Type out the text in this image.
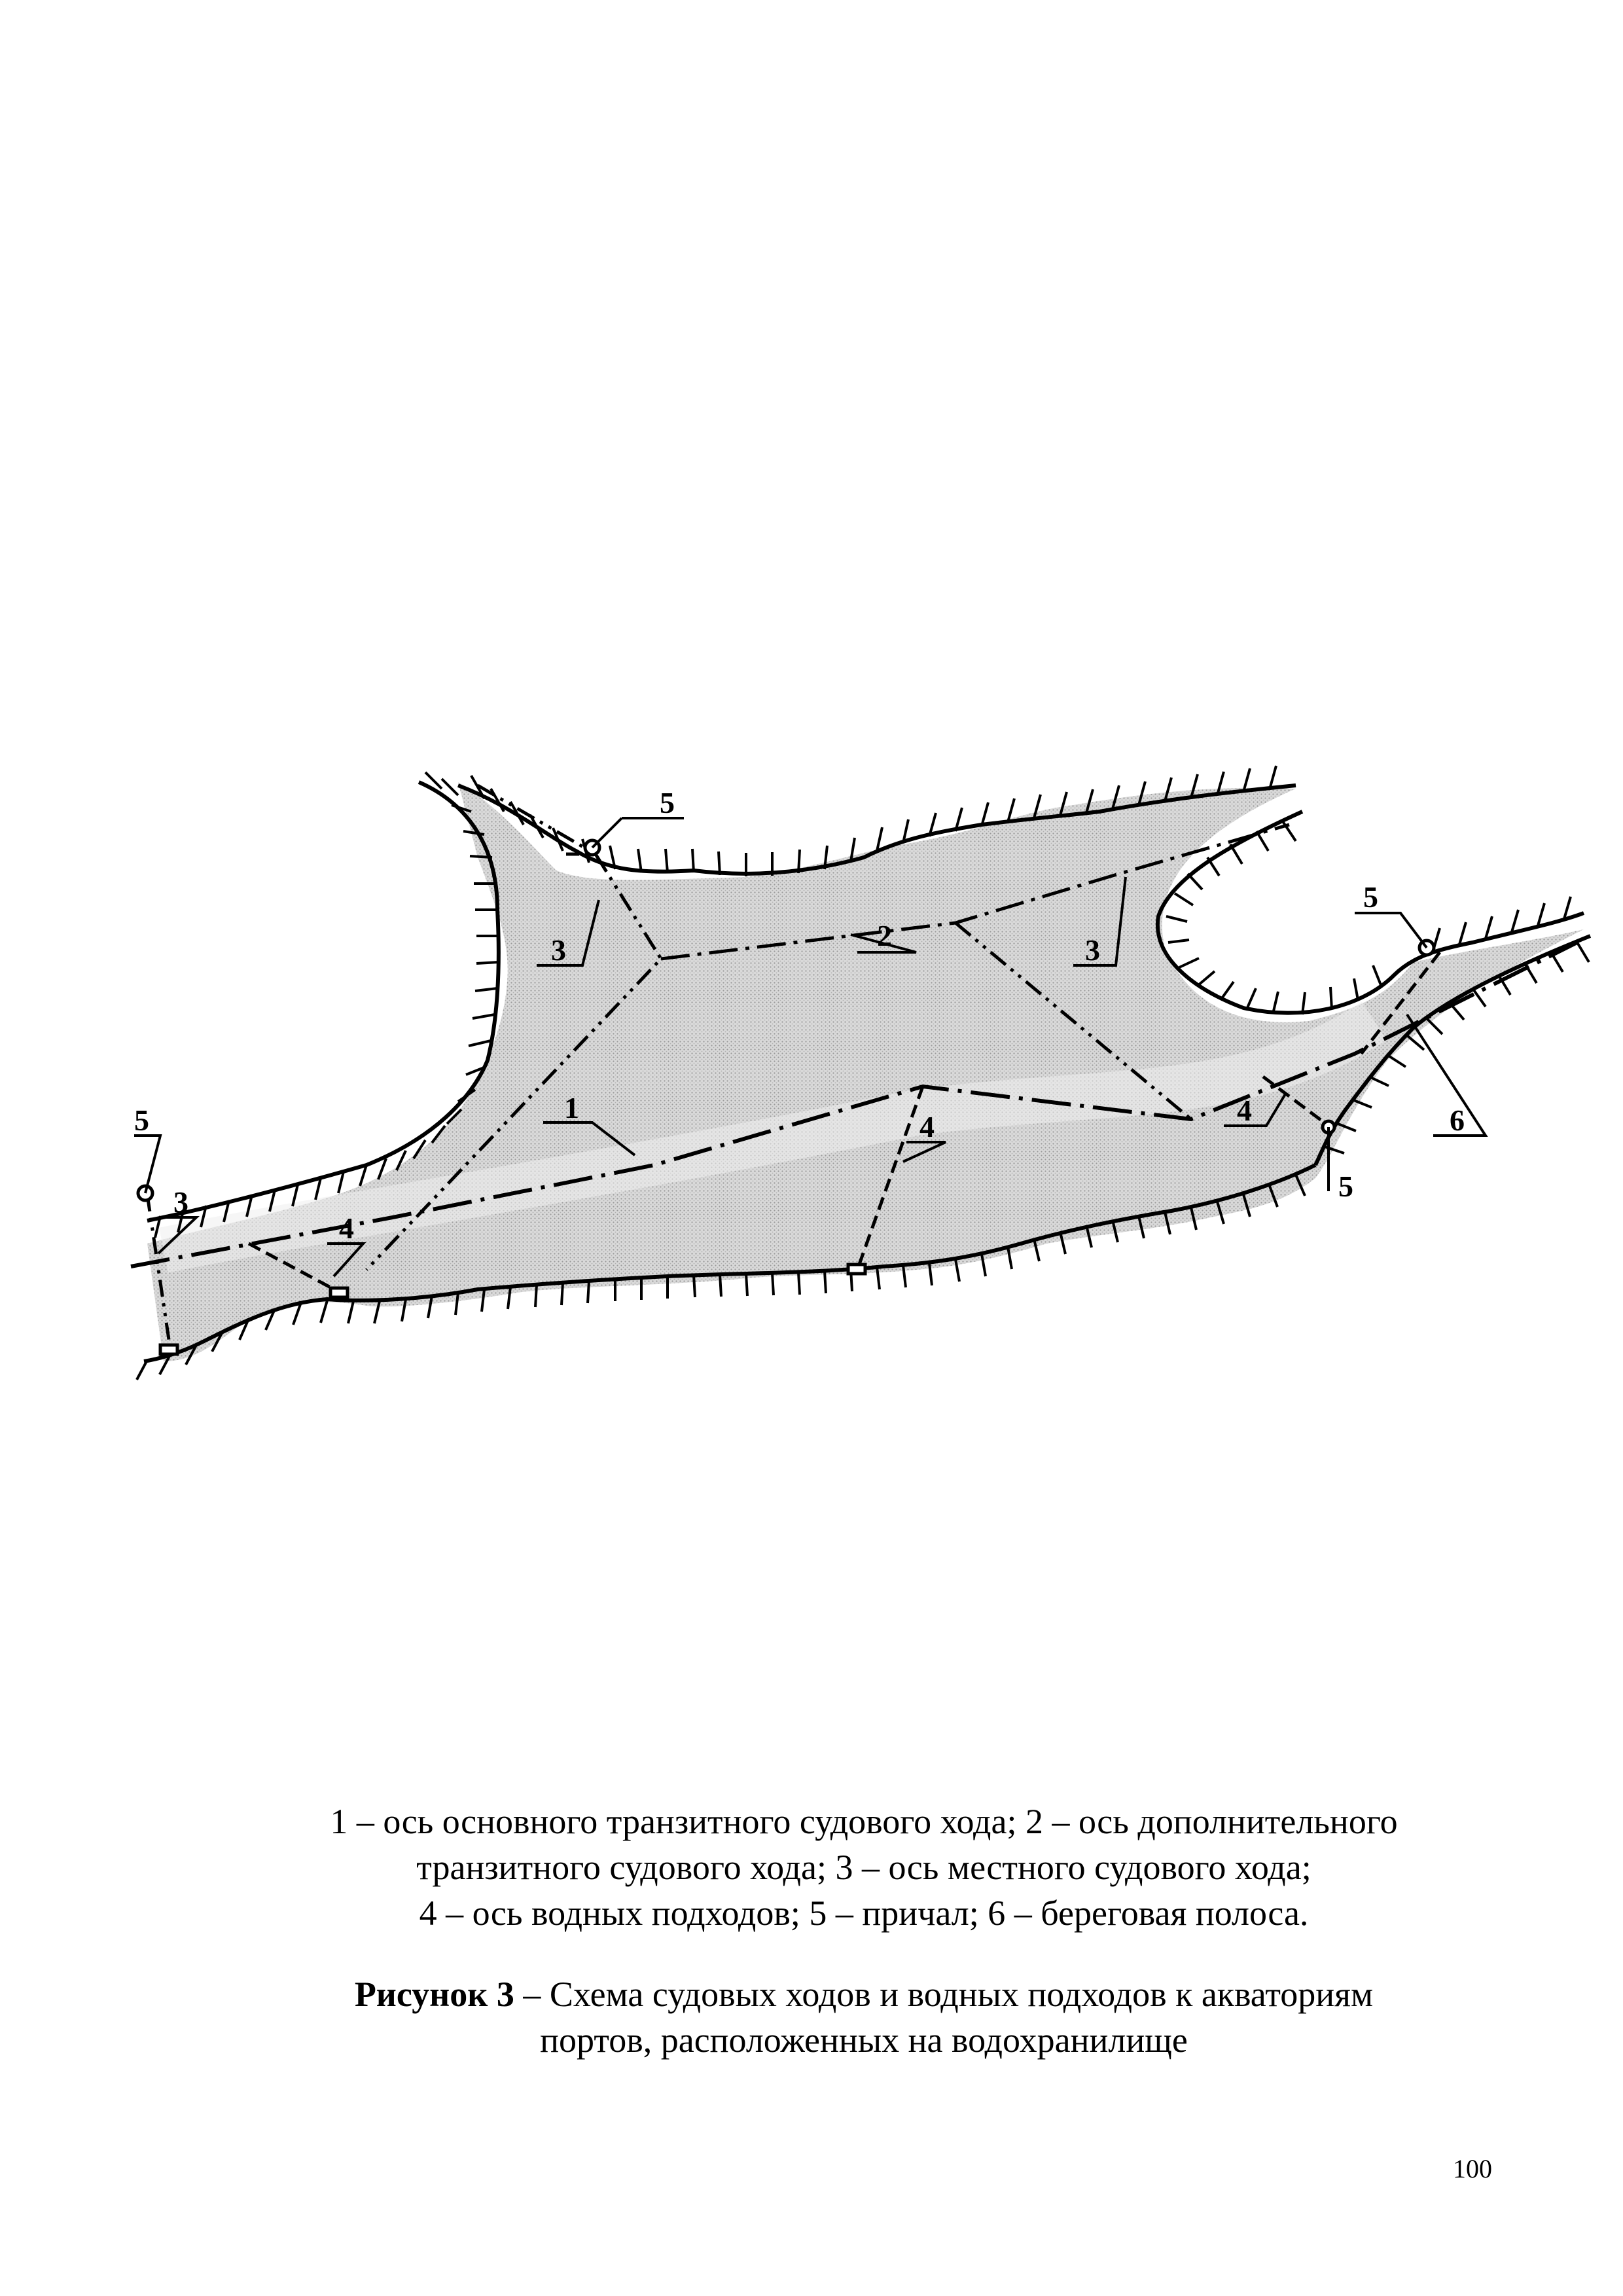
1
2
3	3
3
4
4
4
5
5
5
5
6

1 – ось основного транзитного судового хода; 2 – ось дополнительного

транзитного судового хода; 3 – ось местного судового хода;

4 – ось водных подходов; 5 – причал; 6 – береговая полоса.

Рисунок 3 – Схема судовых ходов и водных подходов к акваториям

портов, расположенных на водохранилище

100
